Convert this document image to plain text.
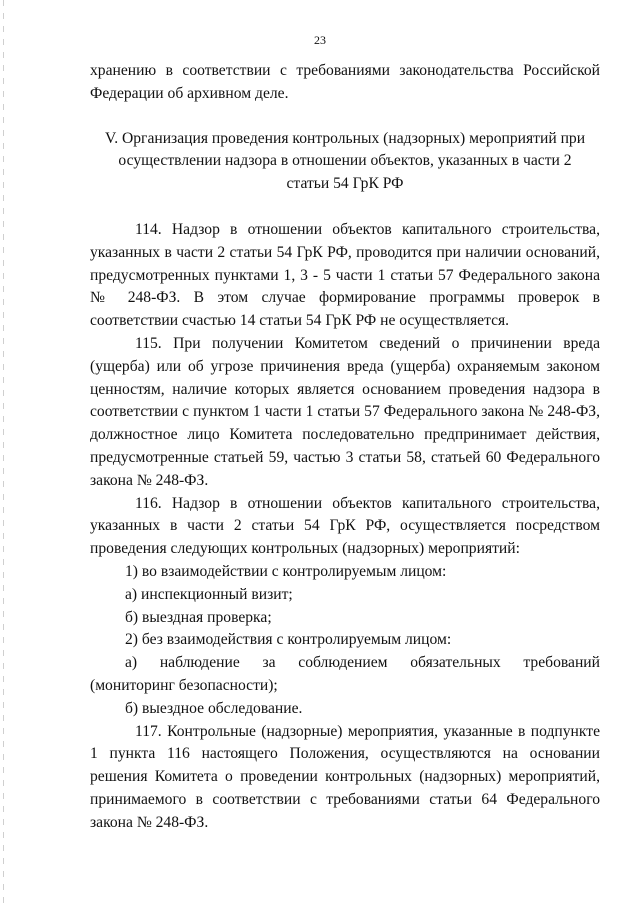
23

хранению в соответствии с требованиями законодательства Российской Федерации об архивном деле.

V. Организация проведения контрольных (надзорных) мероприятий при
осуществлении надзора в отношении объектов, указанных в части 2
статьи 54 ГрК РФ

114. Надзор в отношении объектов капитального строительства, указанных в части 2 статьи 54 ГрК РФ, проводится при наличии оснований, предусмотренных пунктами 1, 3 - 5 части 1 статьи 57 Федерального закона № 248-ФЗ. В этом случае формирование программы проверок в соответствии счастью 14 статьи 54 ГрК РФ не осуществляется.

115. При получении Комитетом сведений о причинении вреда (ущерба) или об угрозе причинения вреда (ущерба) охраняемым законом ценностям, наличие которых является основанием проведения надзора в соответствии с пунктом 1 части 1 статьи 57 Федерального закона № 248-ФЗ, должностное лицо Комитета последовательно предпринимает действия, предусмотренные статьей 59, частью 3 статьи 58, статьей 60 Федерального закона № 248-ФЗ.

116. Надзор в отношении объектов капитального строительства, указанных в части 2 статьи 54 ГрК РФ, осуществляется посредством проведения следующих контрольных (надзорных) мероприятий:

1) во взаимодействии с контролируемым лицом:

а) инспекционный визит;

б) выездная проверка;

2) без взаимодействия с контролируемым лицом:

а) наблюдение за соблюдением обязательных требований

(мониторинг безопасности);

б) выездное обследование.

117. Контрольные (надзорные) мероприятия, указанные в подпункте 1 пункта 116 настоящего Положения, осуществляются на основании решения Комитета о проведении контрольных (надзорных) мероприятий, принимаемого в соответствии с требованиями статьи 64 Федерального закона № 248-ФЗ.
